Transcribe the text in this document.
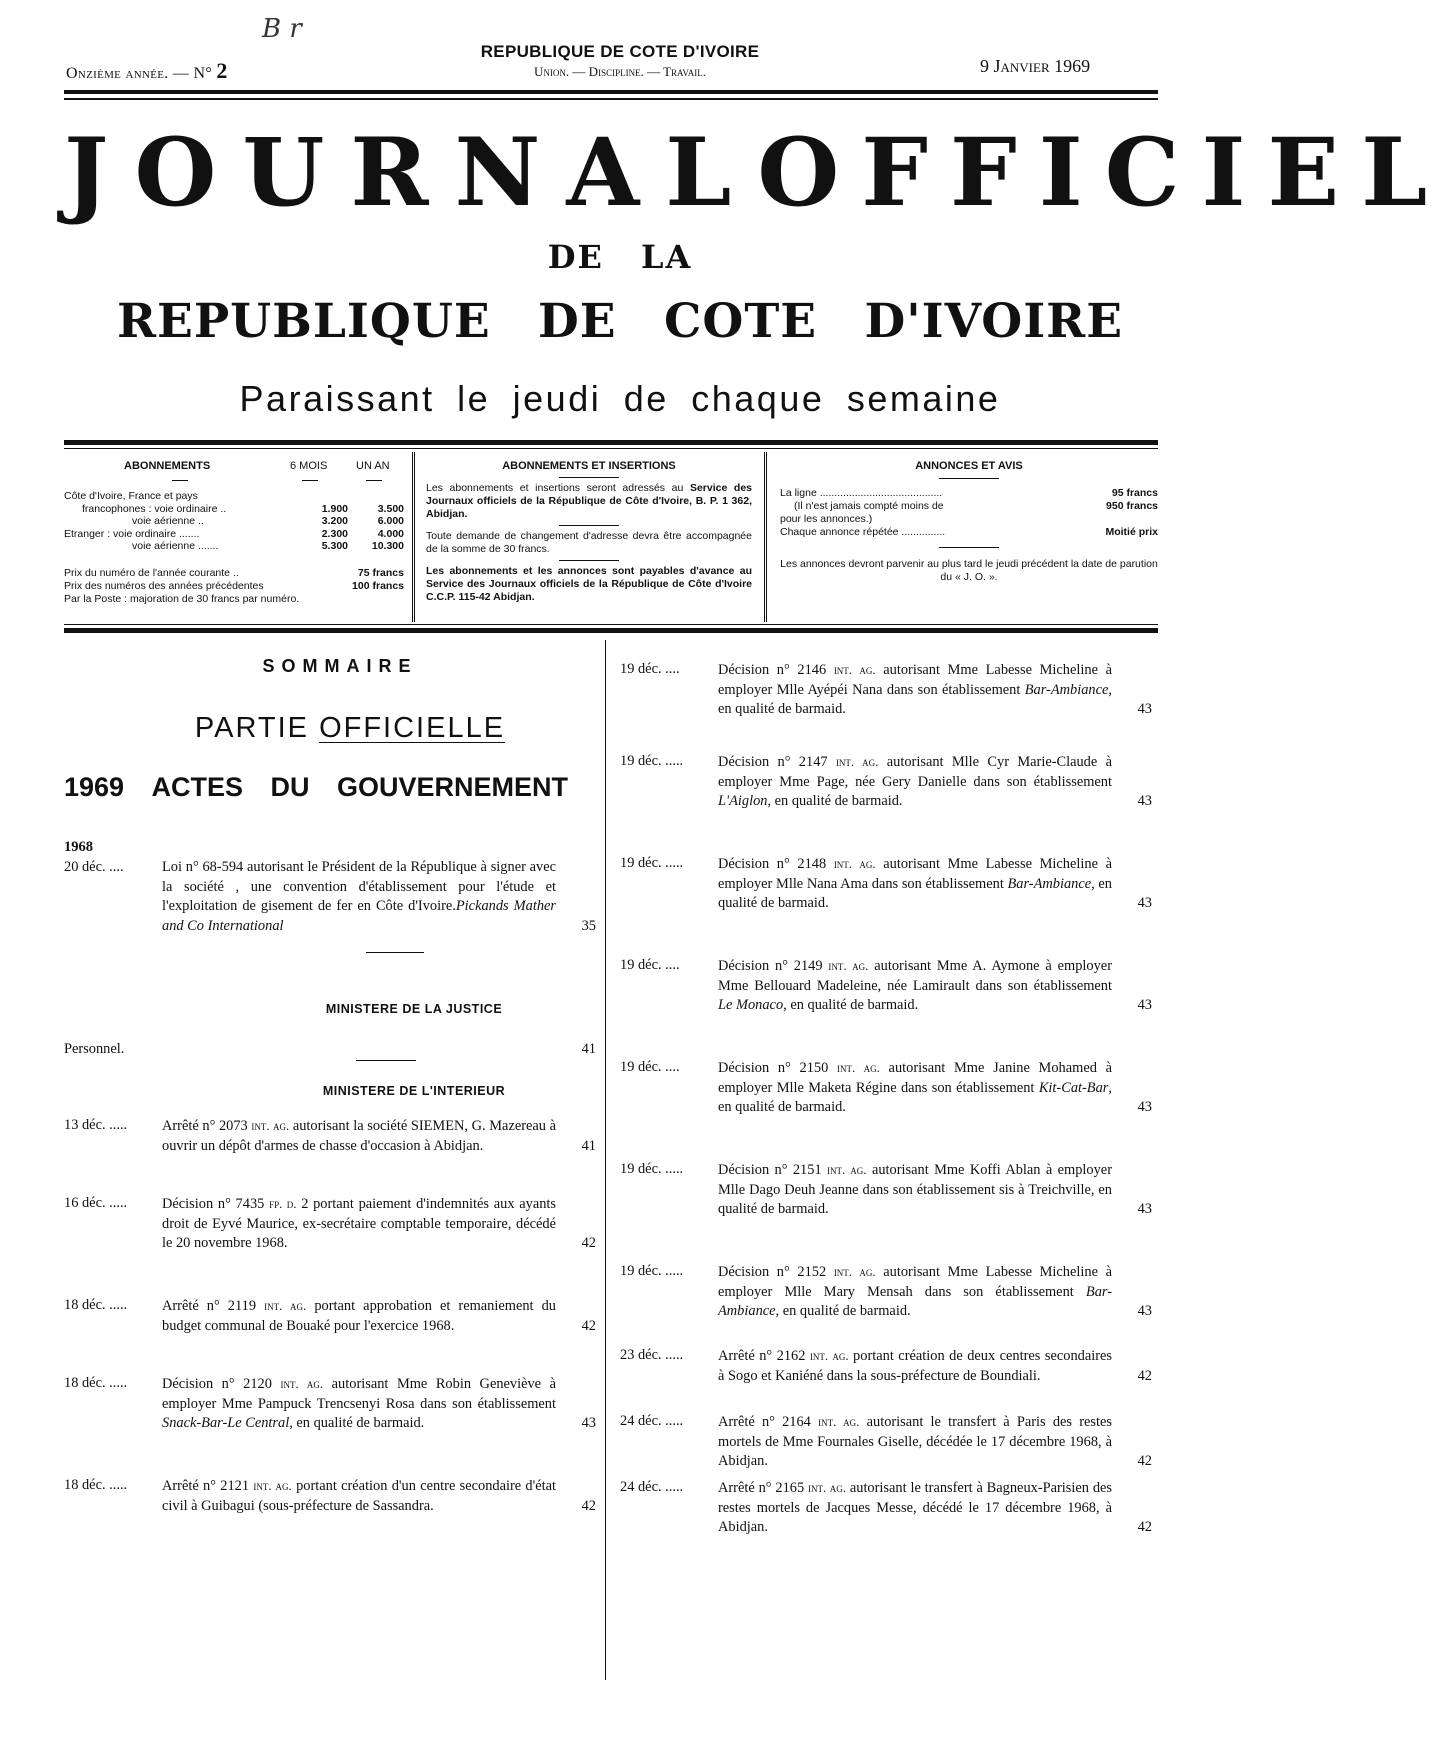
B r
Onzième année. — N° 2
REPUBLIQUE DE COTE D'IVOIRE
Union. — Discipline. — Travail.	9 Janvier 1969
JOURNAL OFFICIEL
DE LA
REPUBLIQUE DE COTE D'IVOIRE
Paraissant le jeudi de chaque semaine
ABONNEMENTS	6 MOIS	UN AN
Côte d'Ivoire, France et pays		
francophones : voie ordinaire ..	1.900	3.500
voie aérienne ..	3.200	6.000
Etranger : voie ordinaire .......	2.300	4.000
voie aérienne .......	5.300	10.300
Prix du numéro de l'année courante ..	75 francs
Prix des numéros des années précédentes	100 francs
Par la Poste : majoration de 30 francs par numéro.
ABONNEMENTS ET INSERTIONS
Les abonnements et insertions seront adressés au Service des Journaux officiels de la République de Côte d'Ivoire, B. P. 1 362, Abidjan.
Toute demande de changement d'adresse devra être accompagnée de la somme de 30 francs.
Les abonnements et les annonces sont payables d'avance au Service des Journaux officiels de la République de Côte d'Ivoire C.C.P. 115-42 Abidjan.
ANNONCES ET AVIS
La ligne ..........................................	95 francs
(Il n'est jamais compté moins de	950 francs
pour les annonces.)
Chaque annonce répétée ...............	Moitié prix
Les annonces devront parvenir au plus tard le jeudi précédent la date de parution du « J. O. ».
SOMMAIRE
PARTIE OFFICIELLE
1969 ACTES DU GOUVERNEMENT
1968
20 déc. ....	Loi n° 68-594 autorisant le Président de la République à signer avec la société , une convention d'établissement pour l'étude et l'exploitation de gisement de fer en Côte d'Ivoire.Pickands Mather and Co International	35
MINISTERE DE LA JUSTICE
Personnel.	41
MINISTERE DE L'INTERIEUR
13 déc. .....	Arrêté n° 2073 int. ag. autorisant la société SIEMEN, G. Mazereau à ouvrir un dépôt d'armes de chasse d'occasion à Abidjan.	41
16 déc. .....	Décision n° 7435 fp. d. 2 portant paiement d'indemnités aux ayants droit de Eyvé Maurice, ex-secrétaire comptable temporaire, décédé le 20 novembre 1968.	42
18 déc. .....	Arrêté n° 2119 int. ag. portant approbation et remaniement du budget communal de Bouaké pour l'exercice 1968.	42
18 déc. .....	Décision n° 2120 int. ag. autorisant Mme Robin Geneviève à employer Mme Pampuck Trencsenyi Rosa dans son établissement Snack-Bar-Le Central, en qualité de barmaid.	43
18 déc. .....	Arrêté n° 2121 int. ag. portant création d'un centre secondaire d'état civil à Guibagui (sous-préfecture de Sassandra.	42
19 déc. ....	Décision n° 2146 int. ag. autorisant Mme Labesse Micheline à employer Mlle Ayépéi Nana dans son établissement Bar-Ambiance, en qualité de barmaid.	43
19 déc. .....	Décision n° 2147 int. ag. autorisant Mlle Cyr Marie-Claude à employer Mme Page, née Gery Danielle dans son établissement L'Aiglon, en qualité de barmaid.	43
19 déc. .....	Décision n° 2148 int. ag. autorisant Mme Labesse Micheline à employer Mlle Nana Ama dans son établissement Bar-Ambiance, en qualité de barmaid.	43
19 déc. ....	Décision n° 2149 int. ag. autorisant Mme A. Aymone à employer Mme Bellouard Madeleine, née Lamirault dans son établissement Le Monaco, en qualité de barmaid.	43
19 déc. ....	Décision n° 2150 int. ag. autorisant Mme Janine Mohamed à employer Mlle Maketa Régine dans son établissement Kit-Cat-Bar, en qualité de barmaid.	43
19 déc. .....	Décision n° 2151 int. ag. autorisant Mme Koffi Ablan à employer Mlle Dago Deuh Jeanne dans son établissement sis à Treichville, en qualité de barmaid.	43
19 déc. .....	Décision n° 2152 int. ag. autorisant Mme Labesse Micheline à employer Mlle Mary Mensah dans son établissement Bar-Ambiance, en qualité de barmaid.	43
23 déc. .....	Arrêté n° 2162 int. ag. portant création de deux centres secondaires à Sogo et Kaniéné dans la sous-préfecture de Boundiali.	42
24 déc. .....	Arrêté n° 2164 int. ag. autorisant le transfert à Paris des restes mortels de Mme Fournales Giselle, décédée le 17 décembre 1968, à Abidjan.	42
24 déc. .....	Arrêté n° 2165 int. ag. autorisant le transfert à Bagneux-Parisien des restes mortels de Jacques Messe, décédé le 17 décembre 1968, à Abidjan.	42
